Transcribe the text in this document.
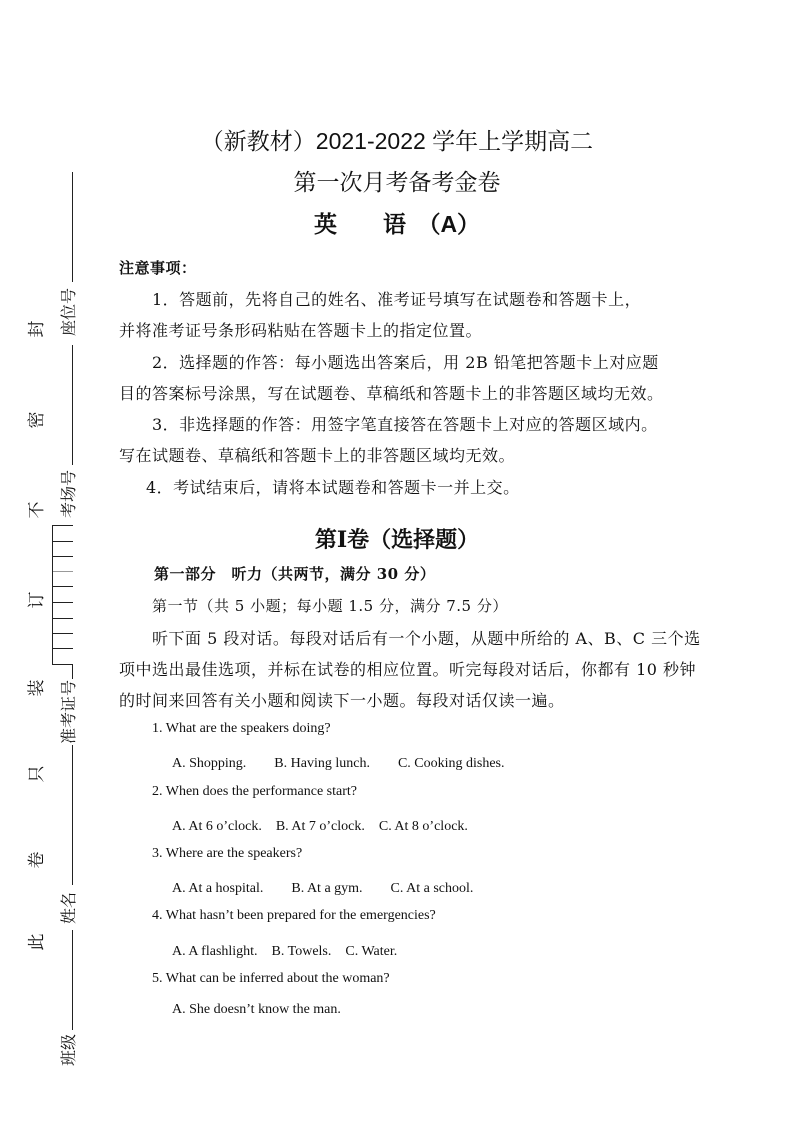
座位号
考场号
准考证号
姓名
班级
封
密
不
订
装
只
卷
此
（新教材）2021-2022 学年上学期高二
第一次月考备考金卷
英　　语　（A）
注意事项：
1．答题前，先将自己的姓名、准考证号填写在试题卷和答题卡上，
并将准考证号条形码粘贴在答题卡上的指定位置。
2．选择题的作答：每小题选出答案后，用 2B 铅笔把答题卡上对应题
目的答案标号涂黑，写在试题卷、草稿纸和答题卡上的非答题区域均无效。
3．非选择题的作答：用签字笔直接答在答题卡上对应的答题区域内。
写在试题卷、草稿纸和答题卡上的非答题区域均无效。
4．考试结束后，请将本试题卷和答题卡一并上交。
第Ⅰ卷（选择题）
第一部分　听力（共两节，满分 30 分）
第一节（共 5 小题；每小题 1.5 分，满分 7.5 分）
听下面 5 段对话。每段对话后有一个小题，从题中所给的 A、B、C 三个选
项中选出最佳选项，并标在试卷的相应位置。听完每段对话后，你都有 10 秒钟
的时间来回答有关小题和阅读下一小题。每段对话仅读一遍。
1. What are the speakers doing?
A. Shopping.　　B. Having lunch.　　C. Cooking dishes.
2. When does the performance start?
A. At 6 o’clock.　B. At 7 o’clock.　C. At 8 o’clock.
3. Where are the speakers?
A. At a hospital.　　B. At a gym.　　C. At a school.
4. What hasn’t been prepared for the emergencies?
A. A flashlight.　B. Towels.　C. Water.
5. What can be inferred about the woman?
A. She doesn’t know the man.
